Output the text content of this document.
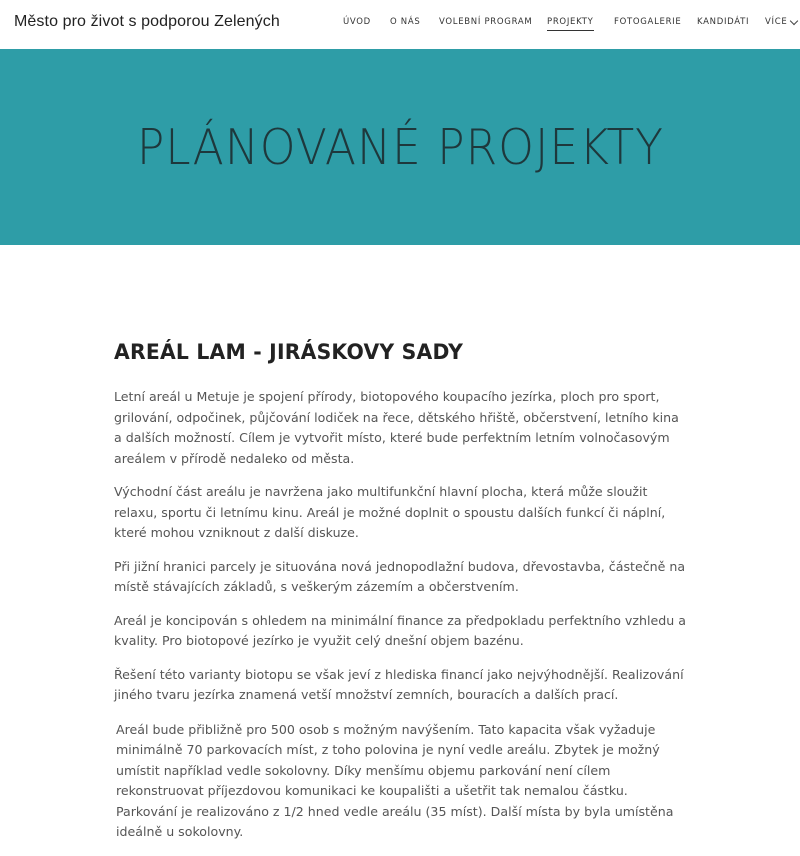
Město pro život s podporou Zelených	ÚVOD O NÁS VOLEBNÍ PROGRAM PROJEKTY FOTOGALERIE KANDIDÁTI VÍCE
PLÁNOVANÉ PROJEKTY
AREÁL LAM - JIRÁSKOVY SADY

Letní areál u Metuje je spojení přírody, biotopového koupacího jezírka, ploch pro sport, grilování, odpočinek, půjčování lodiček na řece, dětského hřiště, občerstvení, letního kina a dalších možností. Cílem je vytvořit místo, které bude perfektním letním volnočasovým areálem v přírodě nedaleko od města.

Východní část areálu je navržena jako multifunkční hlavní plocha, která může sloužit relaxu, sportu či letnímu kinu. Areál je možné doplnit o spoustu dalších funkcí či náplní, které mohou vzniknout z další diskuze.

Při jižní hranici parcely je situována nová jednopodlažní budova, dřevostavba, částečně na místě stávajících základů, s veškerým zázemím a občerstvením.

Areál je koncipován s ohledem na minimální finance za předpokladu perfektního vzhledu a kvality. Pro biotopové jezírko je využit celý dnešní objem bazénu.

Řešení této varianty biotopu se však jeví z hlediska financí jako nejvýhodnější. Realizování jiného tvaru jezírka znamená vetší množství zemních, bouracích a dalších prací.

Areál bude přibližně pro 500 osob s možným navýšením. Tato kapacita však vyžaduje minimálně 70 parkovacích míst, z toho polovina je nyní vedle areálu. Zbytek je možný umístit například vedle sokolovny. Díky menšímu objemu parkování není cílem rekonstruovat příjezdovou komunikaci ke koupališti a ušetřit tak nemalou částku. Parkování je realizováno z 1/2 hned vedle areálu (35 míst). Další místa by byla umístěna ideálně u sokolovny.
